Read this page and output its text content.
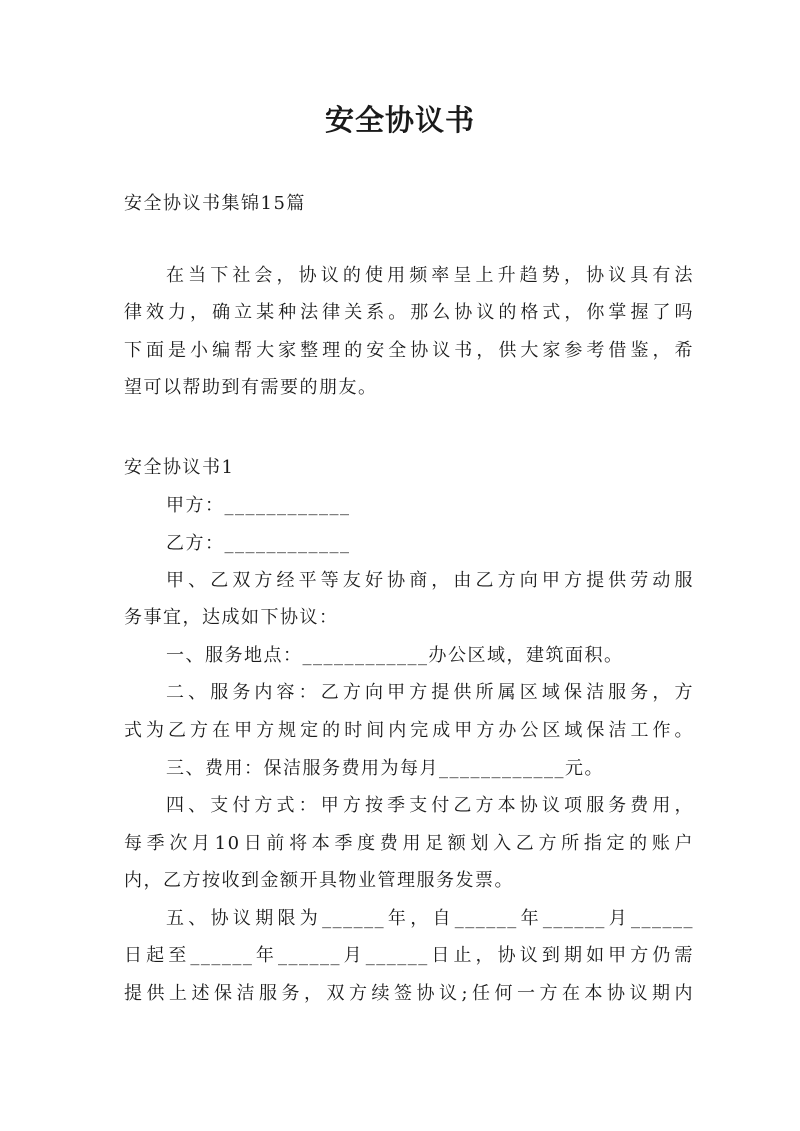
安全协议书
安全协议书集锦15篇
在当下社会，协议的使用频率呈上升趋势，协议具有法
律效力，确立某种法律关系。那么协议的格式，你掌握了吗
下面是小编帮大家整理的安全协议书，供大家参考借鉴，希
望可以帮助到有需要的朋友。
安全协议书1
甲方：____________
乙方：____________
甲、乙双方经平等友好协商，由乙方向甲方提供劳动服
务事宜，达成如下协议：
一、服务地点：____________办公区域，建筑面积。
二、服务内容：乙方向甲方提供所属区域保洁服务，方
式为乙方在甲方规定的时间内完成甲方办公区域保洁工作。
三、费用：保洁服务费用为每月____________元。
四、支付方式：甲方按季支付乙方本协议项服务费用，
每季次月10日前将本季度费用足额划入乙方所指定的账户
内，乙方按收到金额开具物业管理服务发票。
五、协议期限为______年，自______年______月______
日起至______年______月______日止，协议到期如甲方仍需
提供上述保洁服务，双方续签协议;任何一方在本协议期内
